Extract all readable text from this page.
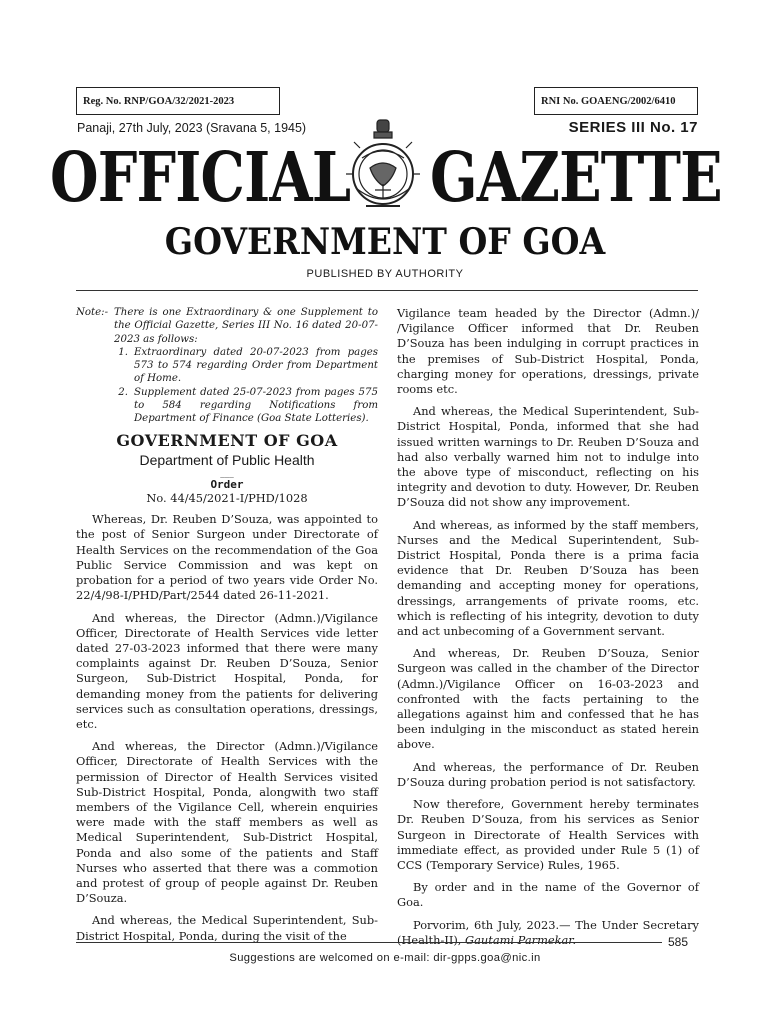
Reg. No. RNP/GOA/32/2021-2023	RNI No. GOAENG/2002/6410
Panaji, 27th July, 2023 (Sravana 5, 1945)	SERIES III No. 17
OFFICIAL GAZETTE
GOVERNMENT OF GOA
PUBLISHED BY AUTHORITY
Note:- There is one Extraordinary & one Supplement to the Official Gazette, Series III No. 16 dated 20-07-2023 as follows:

1. Extraordinary dated 20-07-2023 from pages 573 to 574 regarding Order from Department of Home.
2. Supplement dated 25-07-2023 from pages 575 to 584 regarding Notifications from Department of Finance (Goa State Lotteries).
GOVERNMENT OF GOA
Department of Public Health
___
Order
No. 44/45/2021-I/PHD/1028

Whereas, Dr. Reuben D’Souza, was appointed to the post of Senior Surgeon under Directorate of Health Services on the recommendation of the Goa Public Service Commission and was kept on probation for a period of two years vide Order No. 22/4/98-I/PHD/Part/2544 dated 26-11-2021.

And whereas, the Director (Admn.)/Vigilance Officer, Directorate of Health Services vide letter dated 27-03-2023 informed that there were many complaints against Dr. Reuben D’Souza, Senior Surgeon, Sub-District Hospital, Ponda, for demanding money from the patients for delivering services such as consultation operations, dressings, etc.

And whereas, the Director (Admn.)/Vigilance Officer, Directorate of Health Services with the permission of Director of Health Services visited Sub-District Hospital, Ponda, alongwith two staff members of the Vigilance Cell, wherein enquiries were made with the staff members as well as Medical Superintendent, Sub-District Hospital, Ponda and also some of the patients and Staff Nurses who asserted that there was a commotion and protest of group of people against Dr. Reuben D’Souza.

And whereas, the Medical Superintendent, Sub-District Hospital, Ponda, during the visit of the

Vigilance team headed by the Director (Admn.)/ /Vigilance Officer informed that Dr. Reuben D’Souza has been indulging in corrupt practices in the premises of Sub-District Hospital, Ponda, charging money for operations, dressings, private rooms etc.

And whereas, the Medical Superintendent, Sub-District Hospital, Ponda, informed that she had issued written warnings to Dr. Reuben D’Souza and had also verbally warned him not to indulge into the above type of misconduct, reflecting on his integrity and devotion to duty. However, Dr. Reuben D’Souza did not show any improvement.

And whereas, as informed by the staff members, Nurses and the Medical Superintendent, Sub-District Hospital, Ponda there is a prima facia evidence that Dr. Reuben D’Souza has been demanding and accepting money for operations, dressings, arrangements of private rooms, etc. which is reflecting of his integrity, devotion to duty and act unbecoming of a Government servant.

And whereas, Dr. Reuben D’Souza, Senior Surgeon was called in the chamber of the Director (Admn.)/Vigilance Officer on 16-03-2023 and confronted with the facts pertaining to the allegations against him and confessed that he has been indulging in the misconduct as stated herein above.

And whereas, the performance of Dr. Reuben D’Souza during probation period is not satisfactory.

Now therefore, Government hereby terminates Dr. Reuben D’Souza, from his services as Senior Surgeon in Directorate of Health Services with immediate effect, as provided under Rule 5 (1) of CCS (Temporary Service) Rules, 1965.

By order and in the name of the Governor of Goa.

Porvorim, 6th July, 2023.— The Under Secretary (Health-II), Gautami Parmekar.	585
Suggestions are welcomed on e-mail: dir-gpps.goa@nic.in
